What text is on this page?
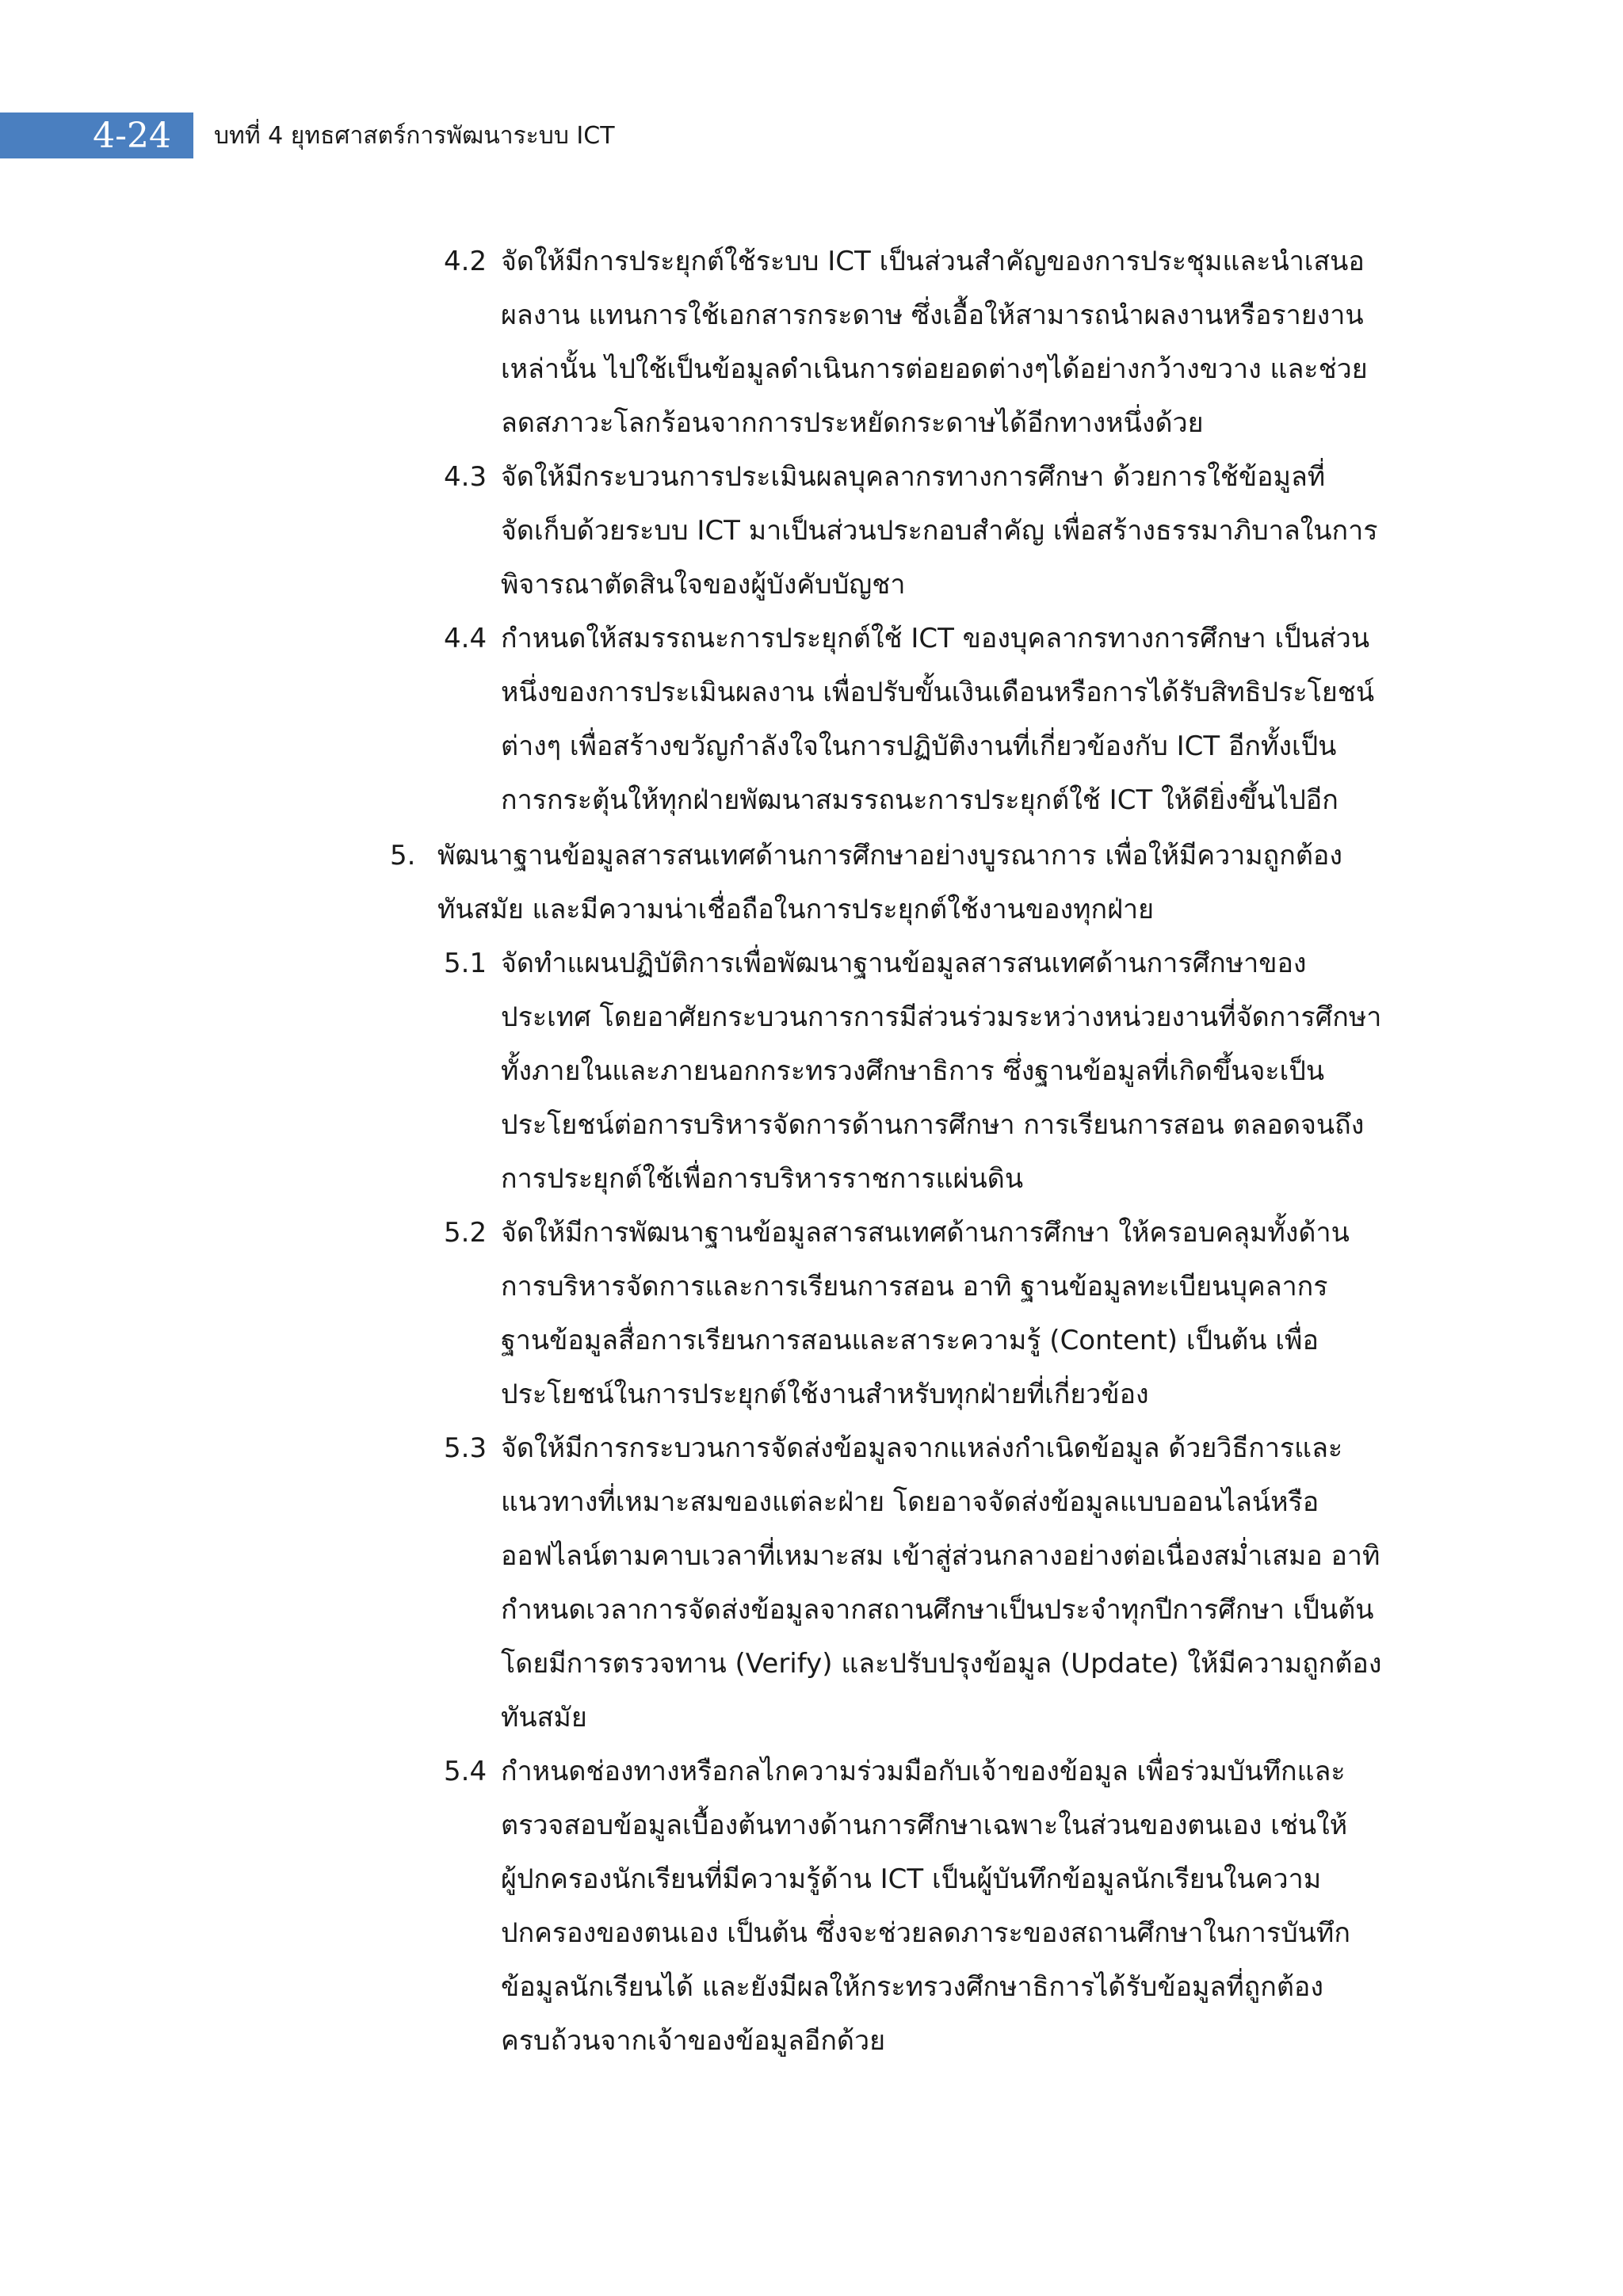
4-24 บทที่ 4 ยุทธศาสตร์การพัฒนาระบบ ICT
4.2 จัดให้มีการประยุกต์ใช้ระบบ ICT เป็นส่วนสำคัญของการประชุมและนำเสนอ
ผลงาน แทนการใช้เอกสารกระดาษ ซึ่งเอื้อให้สามารถนำผลงานหรือรายงาน
เหล่านั้น ไปใช้เป็นข้อมูลดำเนินการต่อยอดต่างๆได้อย่างกว้างขวาง และช่วย
ลดสภาวะโลกร้อนจากการประหยัดกระดาษได้อีกทางหนึ่งด้วย
4.3 จัดให้มีกระบวนการประเมินผลบุคลากรทางการศึกษา ด้วยการใช้ข้อมูลที่
จัดเก็บด้วยระบบ ICT มาเป็นส่วนประกอบสำคัญ เพื่อสร้างธรรมาภิบาลในการ
พิจารณาตัดสินใจของผู้บังคับบัญชา
4.4 กำหนดให้สมรรถนะการประยุกต์ใช้ ICT ของบุคลากรทางการศึกษา เป็นส่วน
หนึ่งของการประเมินผลงาน เพื่อปรับขั้นเงินเดือนหรือการได้รับสิทธิประโยชน์
ต่างๆ เพื่อสร้างขวัญกำลังใจในการปฏิบัติงานที่เกี่ยวข้องกับ ICT อีกทั้งเป็น
การกระตุ้นให้ทุกฝ่ายพัฒนาสมรรถนะการประยุกต์ใช้ ICT ให้ดียิ่งขึ้นไปอีก
5. พัฒนาฐานข้อมูลสารสนเทศด้านการศึกษาอย่างบูรณาการ เพื่อให้มีความถูกต้อง
ทันสมัย และมีความน่าเชื่อถือในการประยุกต์ใช้งานของทุกฝ่าย
5.1 จัดทำแผนปฏิบัติการเพื่อพัฒนาฐานข้อมูลสารสนเทศด้านการศึกษาของ
ประเทศ โดยอาศัยกระบวนการการมีส่วนร่วมระหว่างหน่วยงานที่จัดการศึกษา
ทั้งภายในและภายนอกกระทรวงศึกษาธิการ ซึ่งฐานข้อมูลที่เกิดขึ้นจะเป็น
ประโยชน์ต่อการบริหารจัดการด้านการศึกษา การเรียนการสอน ตลอดจนถึง
การประยุกต์ใช้เพื่อการบริหารราชการแผ่นดิน
5.2 จัดให้มีการพัฒนาฐานข้อมูลสารสนเทศด้านการศึกษา ให้ครอบคลุมทั้งด้าน
การบริหารจัดการและการเรียนการสอน อาทิ ฐานข้อมูลทะเบียนบุคลากร
ฐานข้อมูลสื่อการเรียนการสอนและสาระความรู้ (Content) เป็นต้น เพื่อ
ประโยชน์ในการประยุกต์ใช้งานสำหรับทุกฝ่ายที่เกี่ยวข้อง
5.3 จัดให้มีการกระบวนการจัดส่งข้อมูลจากแหล่งกำเนิดข้อมูล ด้วยวิธีการและ
แนวทางที่เหมาะสมของแต่ละฝ่าย โดยอาจจัดส่งข้อมูลแบบออนไลน์หรือ
ออฟไลน์ตามคาบเวลาที่เหมาะสม เข้าสู่ส่วนกลางอย่างต่อเนื่องสม่ำเสมอ อาทิ
กำหนดเวลาการจัดส่งข้อมูลจากสถานศึกษาเป็นประจำทุกปีการศึกษา เป็นต้น
โดยมีการตรวจทาน (Verify) และปรับปรุงข้อมูล (Update) ให้มีความถูกต้อง
ทันสมัย
5.4 กำหนดช่องทางหรือกลไกความร่วมมือกับเจ้าของข้อมูล เพื่อร่วมบันทึกและ
ตรวจสอบข้อมูลเบื้องต้นทางด้านการศึกษาเฉพาะในส่วนของตนเอง เช่นให้
ผู้ปกครองนักเรียนที่มีความรู้ด้าน ICT เป็นผู้บันทึกข้อมูลนักเรียนในความ
ปกครองของตนเอง เป็นต้น ซึ่งจะช่วยลดภาระของสถานศึกษาในการบันทึก
ข้อมูลนักเรียนได้ และยังมีผลให้กระทรวงศึกษาธิการได้รับข้อมูลที่ถูกต้อง
ครบถ้วนจากเจ้าของข้อมูลอีกด้วย
